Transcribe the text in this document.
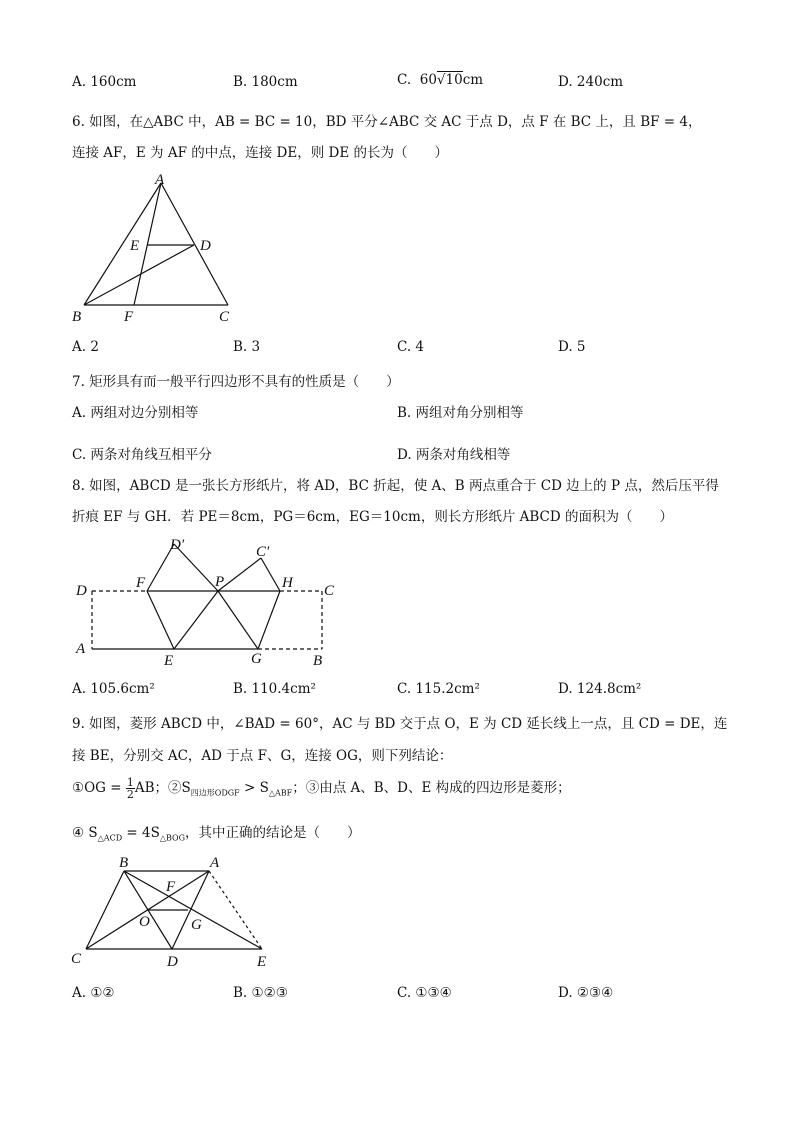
A. 160cm	B. 180cm	C. 60√10cm	D. 240cm
6. 如图，在△ABC 中，AB = BC = 10，BD 平分∠ABC 交 AC 于点 D，点 F 在 BC 上，且 BF = 4，
连接 AF，E 为 AF 的中点，连接 DE，则 DE 的长为（　　）
A
E	D
B	F	C
A. 2	B. 3	C. 4	D. 5
7. 矩形具有而一般平行四边形不具有的性质是（　　）
A. 两组对边分别相等	B. 两组对角分别相等
C. 两条对角线互相平分	D. 两条对角线相等
8. 如图，ABCD 是一张长方形纸片，将 AD，BC 折起，使 A、B 两点重合于 CD 边上的 P 点，然后压平得
折痕 EF 与 GH．若 PE＝8cm，PG＝6cm，EG＝10cm，则长方形纸片 ABCD 的面积为（　　）
D′	C′
F	P	H
D	C
A
E	G	B
A. 105.6cm²	B. 110.4cm²	C. 115.2cm²	D. 124.8cm²
9. 如图，菱形 ABCD 中，∠BAD = 60°，AC 与 BD 交于点 O，E 为 CD 延长线上一点，且 CD = DE，连
接 BE，分别交 AC，AD 于点 F、G，连接 OG，则下列结论：
①OG = $\frac{1}{2}$ AB；$②S_{四边形ODGF} > S_{\triangle ABF}$；③由点 A、B、D、E 构成的四边形是菱形；
④ $S_{\triangle ACD} = 4S_{\triangle BOG}$，其中正确的结论是（　　）
B	A
F
O	G
C	D	E
A. ①②	B. ①②③	C. ①③④	D. ②③④
